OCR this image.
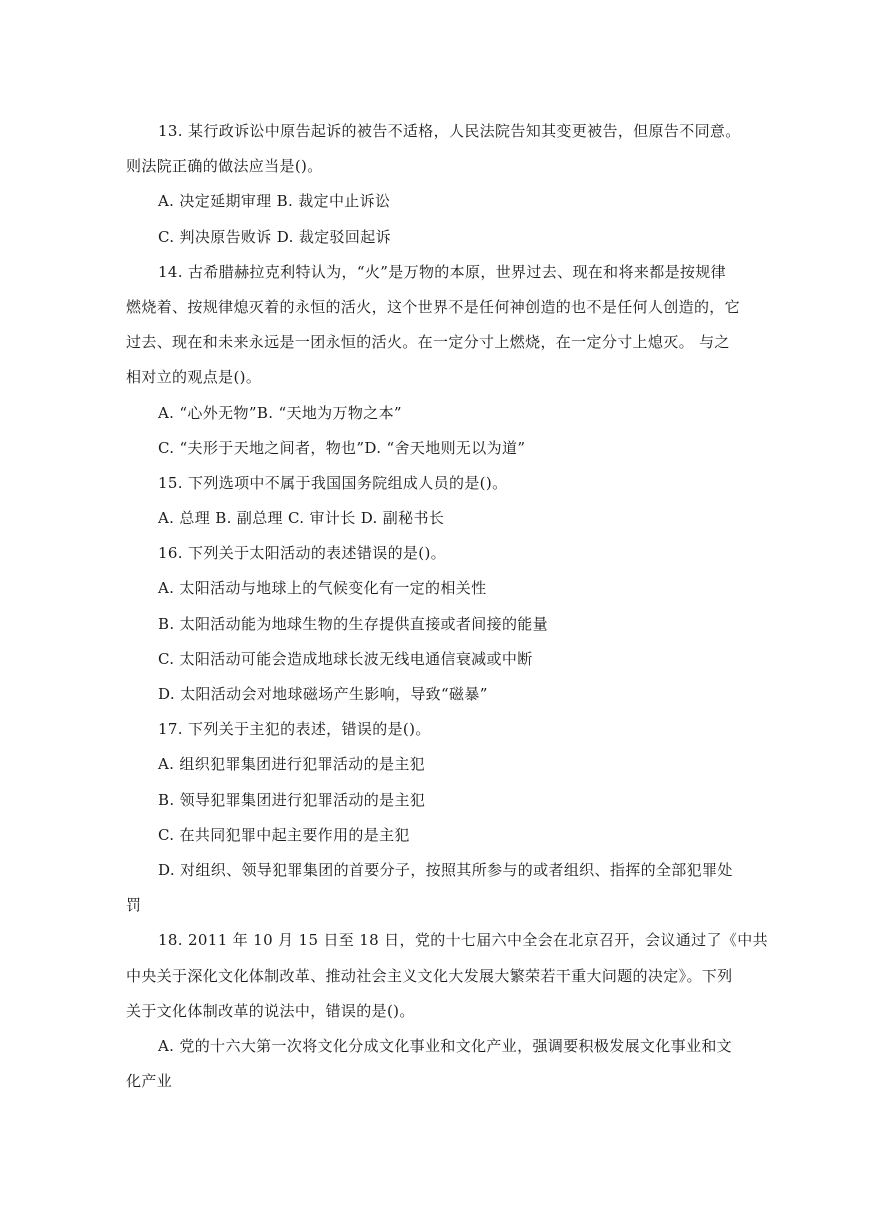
13. 某行政诉讼中原告起诉的被告不适格，人民法院告知其变更被告，但原告不同意。
则法院正确的做法应当是()。
A. 决定延期审理 B. 裁定中止诉讼
C. 判决原告败诉 D. 裁定驳回起诉
14. 古希腊赫拉克利特认为，“火”是万物的本原，世界过去、现在和将来都是按规律
燃烧着、按规律熄灭着的永恒的活火，这个世界不是任何神创造的也不是任何人创造的，它
过去、现在和未来永远是一团永恒的活火。在一定分寸上燃烧，在一定分寸上熄灭。 与之
相对立的观点是()。
A. “心外无物”B. “天地为万物之本”
C. “夫形于天地之间者，物也”D. “舍天地则无以为道”
15. 下列选项中不属于我国国务院组成人员的是()。
A. 总理 B. 副总理 C. 审计长 D. 副秘书长
16. 下列关于太阳活动的表述错误的是()。
A. 太阳活动与地球上的气候变化有一定的相关性
B. 太阳活动能为地球生物的生存提供直接或者间接的能量
C. 太阳活动可能会造成地球长波无线电通信衰减或中断
D. 太阳活动会对地球磁场产生影响，导致“磁暴”
17. 下列关于主犯的表述，错误的是()。
A. 组织犯罪集团进行犯罪活动的是主犯
B. 领导犯罪集团进行犯罪活动的是主犯
C. 在共同犯罪中起主要作用的是主犯
D. 对组织、领导犯罪集团的首要分子，按照其所参与的或者组织、指挥的全部犯罪处
罚
18. 2011 年 10 月 15 日至 18 日，党的十七届六中全会在北京召开，会议通过了《中共
中央关于深化文化体制改革、推动社会主义文化大发展大繁荣若干重大问题的决定》。下列
关于文化体制改革的说法中，错误的是()。
A. 党的十六大第一次将文化分成文化事业和文化产业，强调要积极发展文化事业和文
化产业
